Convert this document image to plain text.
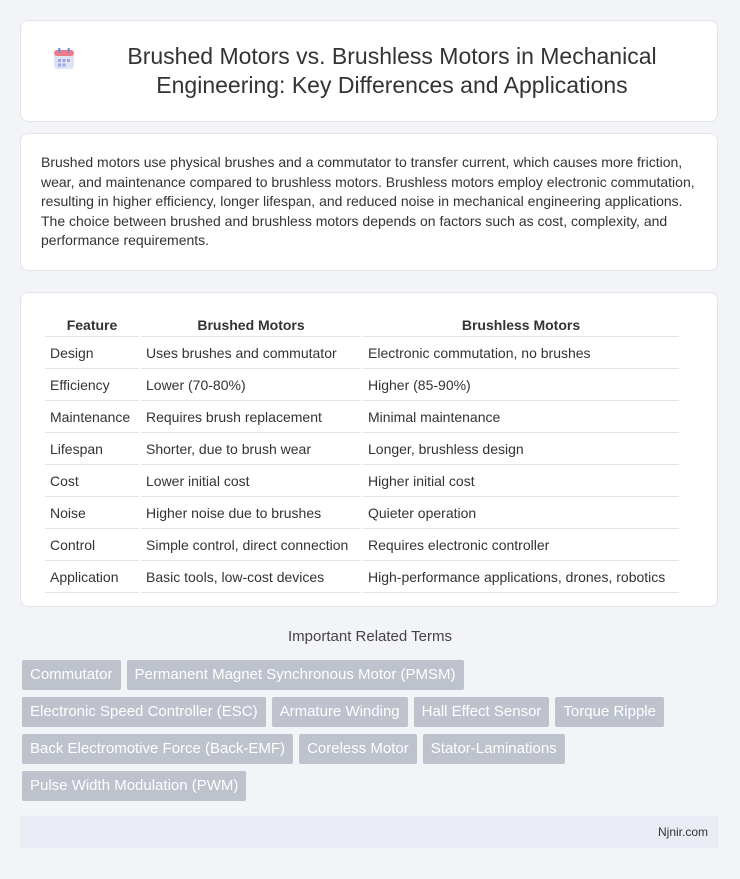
Brushed Motors vs. Brushless Motors in Mechanical Engineering: Key Differences and Applications

Brushed motors use physical brushes and a commutator to transfer current, which causes more friction, wear, and maintenance compared to brushless motors. Brushless motors employ electronic commutation, resulting in higher efficiency, longer lifespan, and reduced noise in mechanical engineering applications. The choice between brushed and brushless motors depends on factors such as cost, complexity, and performance requirements.

Feature	Brushed Motors	Brushless Motors
Design	Uses brushes and commutator	Electronic commutation, no brushes
Efficiency	Lower (70-80%)	Higher (85-90%)
Maintenance	Requires brush replacement	Minimal maintenance
Lifespan	Shorter, due to brush wear	Longer, brushless design
Cost	Lower initial cost	Higher initial cost
Noise	Higher noise due to brushes	Quieter operation
Control	Simple control, direct connection	Requires electronic controller
Application	Basic tools, low-cost devices	High-performance applications, drones, robotics
Important Related Terms
Commutator	Permanent Magnet Synchronous Motor (PMSM)
Electronic Speed Controller (ESC)	Armature Winding	Hall Effect Sensor	Torque Ripple
Back Electromotive Force (Back-EMF)	Coreless Motor	Stator-Laminations
Pulse Width Modulation (PWM)
Njnir.com
